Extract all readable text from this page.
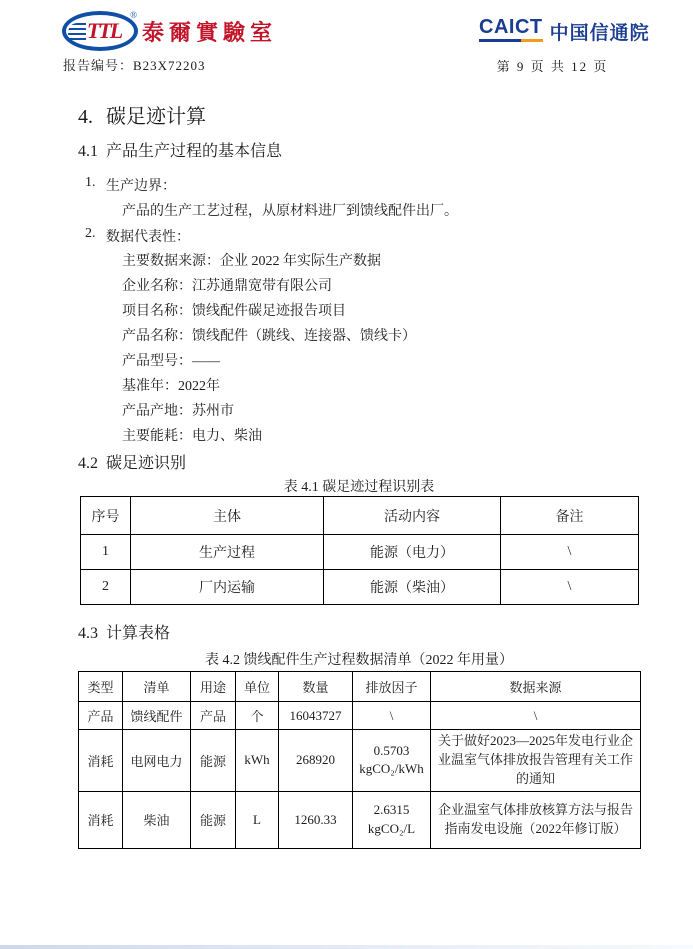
TTL
®
泰爾實驗室
报告编号：B23X72203
CAICT 中国信通院
第 9 页 共 12 页
4. 碳足迹计算
4.1 产品生产过程的基本信息
1. 生产边界：
产品的生产工艺过程，从原材料进厂到馈线配件出厂。
2. 数据代表性：
主要数据来源：企业 2022 年实际生产数据
企业名称：江苏通鼎宽带有限公司
项目名称：馈线配件碳足迹报告项目
产品名称：馈线配件（跳线、连接器、馈线卡）
产品型号：——
基准年：2022年
产品产地：苏州市
主要能耗：电力、柴油
4.2 碳足迹识别
表 4.1 碳足迹过程识别表
序号	主体	活动内容	备注
1	生产过程	能源（电力）	\
2	厂内运输	能源（柴油）	\
4.3 计算表格
表 4.2 馈线配件生产过程数据清单（2022 年用量）
类型	清单	用途	单位	数量	排放因子	数据来源
产品	馈线配件	产品	个	16043727	\	\
消耗	电网电力	能源	kWh	268920	0.5703
kgCO₂/kWh	关于做好2023—2025年发电行业企业温室气体排放报告管理有关工作的通知
消耗	柴油	能源	L	1260.33	2.6315
kgCO₂/L	企业温室气体排放核算方法与报告指南发电设施（2022年修订版）
